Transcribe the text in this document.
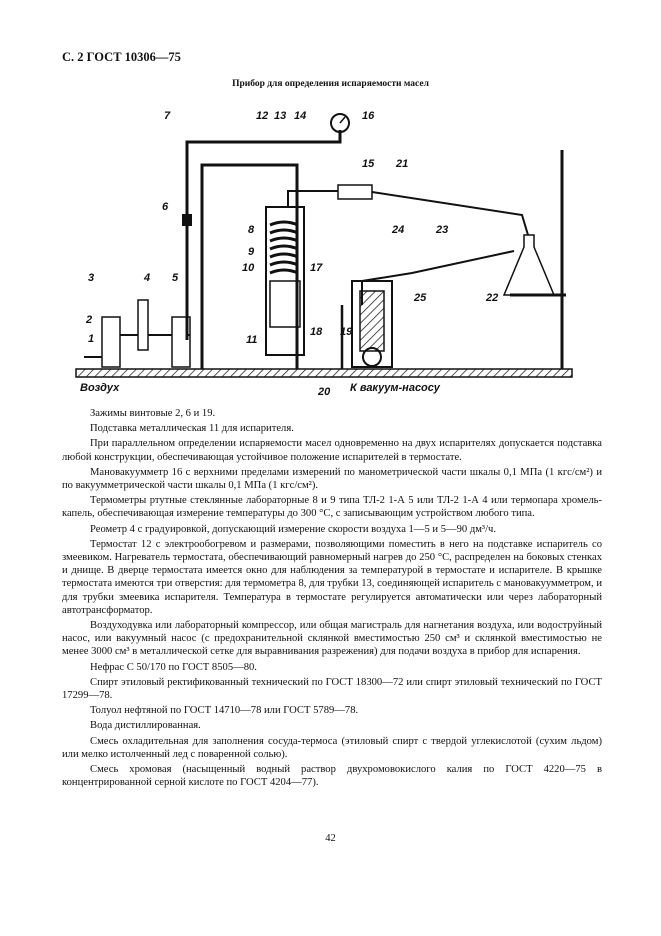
С. 2 ГОСТ 10306—75
Прибор для определения испаряемости масел
1
2
3	4 5
6
7
8
9
10
11
12 13 14
15
16
17
18 19
20
21
22
23
24
25
Воздух	К вакуум-насосу

Зажимы винтовые 2, 6 и 19.

Подставка металлическая 11 для испарителя.

При параллельном определении испаряемости масел одновременно на двух испарителях допускается подставка любой конструкции, обеспечивающая устойчивое положение испарителей в термостате.

Мановакуумметр 16 с верхними пределами измерений по манометрической части шкалы 0,1 МПа (1 кгс/см²) и по вакуумметрической части шкалы 0,1 МПа (1 кгс/см²).

Термометры ртутные стеклянные лабораторные 8 и 9 типа ТЛ-2 1-А 5 или ТЛ-2 1-А 4 или термопара хромель-капель, обеспечивающая измерение температуры до 300 °С, с записывающим устройством любого типа.

Реометр 4 с градуировкой, допускающий измерение скорости воздуха 1—5 и 5—90 дм³/ч.

Термостат 12 с электрообогревом и размерами, позволяющими поместить в него на подставке испаритель со змеевиком. Нагреватель термостата, обеспечивающий равномерный нагрев до 250 °С, распределен на боковых стенках и днище. В дверце термостата имеется окно для наблюдения за температурой в термостате и испарителе. В крышке термостата имеются три отверстия: для термометра 8, для трубки 13, соединяющей испаритель с мановакуумметром, и для трубки змеевика испарителя. Температура в термостате регулируется автоматически или через лабораторный автотрансформатор.

Воздуходувка или лабораторный компрессор, или общая магистраль для нагнетания воздуха, или водоструйный насос, или вакуумный насос (с предохранительной склянкой вместимостью 250 см³ и склянкой вместимостью не менее 3000 см³ в металлической сетке для выравнивания разрежения) для подачи воздуха в прибор для испарения.

Нефрас С 50/170 по ГОСТ 8505—80.

Спирт этиловый ректификованный технический по ГОСТ 18300—72 или спирт этиловый технический по ГОСТ 17299—78.

Толуол нефтяной по ГОСТ 14710—78 или ГОСТ 5789—78.

Вода дистиллированная.

Смесь охладительная для заполнения сосуда-термоса (этиловый спирт с твердой углекислотой (сухим льдом) или мелко истолченный лед с поваренной солью).

Смесь хромовая (насыщенный водный раствор двухромовокислого калия по ГОСТ 4220—75 в концентрированной серной кислоте по ГОСТ 4204—77).

42
